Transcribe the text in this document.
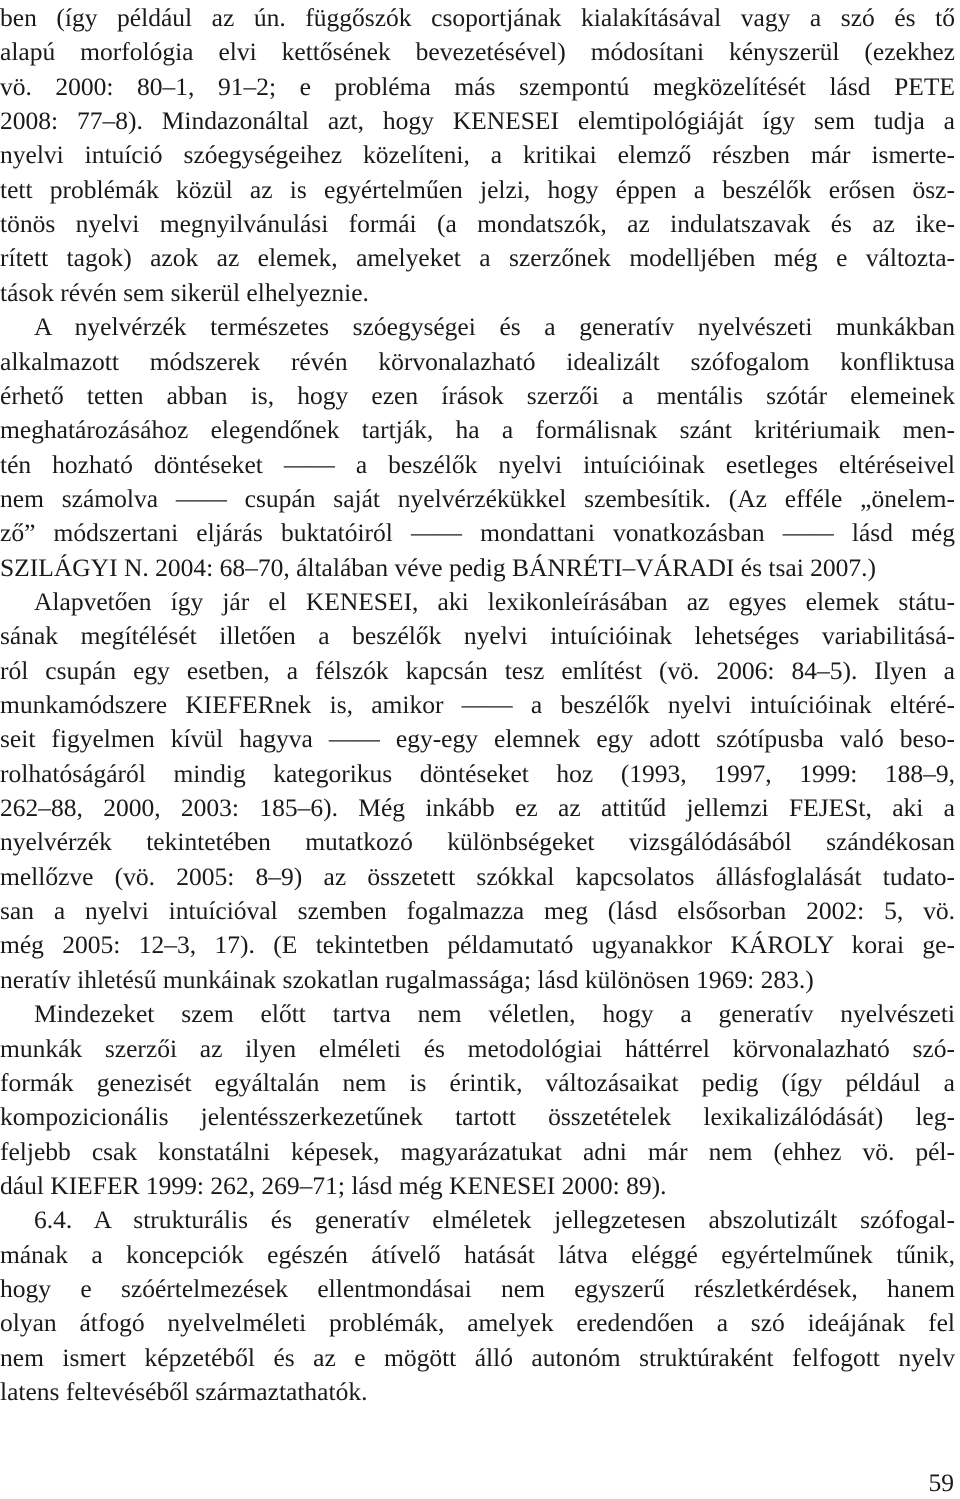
ben (így például az ún. függőszók csoportjának kialakításával vagy a szó és tő
alapú morfológia elvi kettősének bevezetésével) módosítani kényszerül (ezekhez
vö. 2000: 80–1, 91–2; e probléma más szempontú megközelítését lásd PETE
2008: 77–8). Mindazonáltal azt, hogy KENESEI elemtipológiáját így sem tudja a
nyelvi intuíció szóegységeihez közelíteni, a kritikai elemző részben már ismerte-
tett problémák közül az is egyértelműen jelzi, hogy éppen a beszélők erősen ösz-
tönös nyelvi megnyilvánulási formái (a mondatszók, az indulatszavak és az ike-
rített tagok) azok az elemek, amelyeket a szerzőnek modelljében még e változta-
tások révén sem sikerül elhelyeznie.
A nyelvérzék természetes szóegységei és a generatív nyelvészeti munkákban
alkalmazott módszerek révén körvonalazható idealizált szófogalom konfliktusa
érhető tetten abban is, hogy ezen írások szerzői a mentális szótár elemeinek
meghatározásához elegendőnek tartják, ha a formálisnak szánt kritériumaik men-
tén hozható döntéseket —— a beszélők nyelvi intuícióinak esetleges eltéréseivel
nem számolva —— csupán saját nyelvérzékükkel szembesítik. (Az efféle „önelem-
ző” módszertani eljárás buktatóiról —— mondattani vonatkozásban —— lásd még
SZILÁGYI N. 2004: 68–70, általában véve pedig BÁNRÉTI–VÁRADI és tsai 2007.)
Alapvetően így jár el KENESEI, aki lexikonleírásában az egyes elemek státu-
sának megítélését illetően a beszélők nyelvi intuícióinak lehetséges variabilitásá-
ról csupán egy esetben, a félszók kapcsán tesz említést (vö. 2006: 84–5). Ilyen a
munkamódszere KIEFERnek is, amikor —— a beszélők nyelvi intuícióinak eltéré-
seit figyelmen kívül hagyva —— egy-egy elemnek egy adott szótípusba való beso-
rolhatóságáról mindig kategorikus döntéseket hoz (1993, 1997, 1999: 188–9,
262–88, 2000, 2003: 185–6). Még inkább ez az attitűd jellemzi FEJESt, aki a
nyelvérzék tekintetében mutatkozó különbségeket vizsgálódásából szándékosan
mellőzve (vö. 2005: 8–9) az összetett szókkal kapcsolatos állásfoglalását tudato-
san a nyelvi intuícióval szemben fogalmazza meg (lásd elsősorban 2002: 5, vö.
még 2005: 12–3, 17). (E tekintetben példamutató ugyanakkor KÁROLY korai ge-
neratív ihletésű munkáinak szokatlan rugalmassága; lásd különösen 1969: 283.)
Mindezeket szem előtt tartva nem véletlen, hogy a generatív nyelvészeti
munkák szerzői az ilyen elméleti és metodológiai háttérrel körvonalazható szó-
formák genezisét egyáltalán nem is érintik, változásaikat pedig (így például a
kompozicionális jelentésszerkezetűnek tartott összetételek lexikalizálódását) leg-
feljebb csak konstatálni képesek, magyarázatukat adni már nem (ehhez vö. pél-
dául KIEFER 1999: 262, 269–71; lásd még KENESEI 2000: 89).
6.4. A strukturális és generatív elméletek jellegzetesen abszolutizált szófogal-
mának a koncepciók egészén átívelő hatását látva eléggé egyértelműnek tűnik,
hogy e szóértelmezések ellentmondásai nem egyszerű részletkérdések, hanem
olyan átfogó nyelvelméleti problémák, amelyek eredendően a szó ideájának fel
nem ismert képzetéből és az e mögött álló autonóm struktúraként felfogott nyelv
latens feltevéséből származtathatók.
59
